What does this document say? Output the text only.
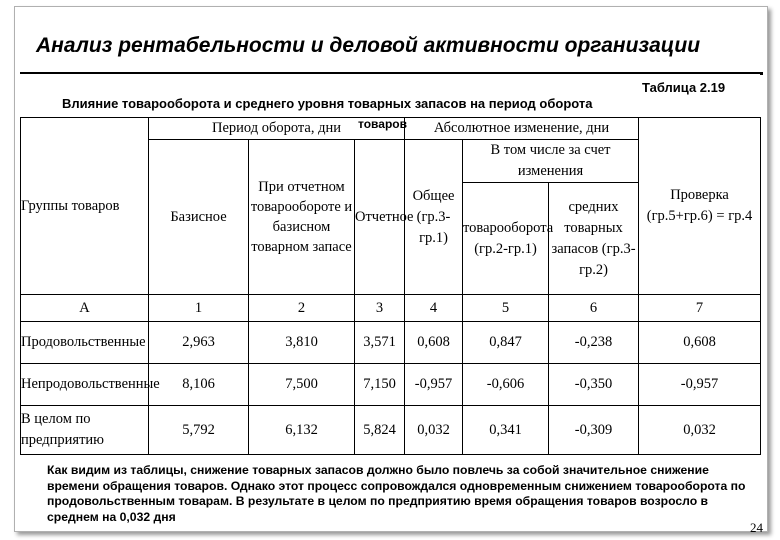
Анализ рентабельности и деловой активности организации
Таблица 2.19
Влияние товарооборота и среднего уровня товарных запасов на период оборота
Группы товаров	Период оборота, дни			Абсолютное изменение, дни			Проверка (гр.5+гр.6) = гр.4
	Базисное	При отчетном товарообороте и базисном товарном запасе	Отчетное	Общее (гр.3-гр.1)	В том числе за счет изменения		
					товарооборота (гр.2-гр.1)	средних товарных запасов (гр.3-гр.2)	
А	1	2	3	4	5	6	7
Продовольственные	2,963	3,810	3,571	0,608	0,847	-0,238	0,608
Непродовольственные	8,106	7,500	7,150	-0,957	-0,606	-0,350	-0,957
В целом по предприятию	5,792	6,132	5,824	0,032	0,341	-0,309	0,032
товаров
Как видим из таблицы, снижение товарных запасов должно было повлечь за собой значительное снижение времени обращения товаров. Однако этот процесс сопровождался одновременным снижением товарооборота по продовольственным товарам. В результате в целом по предприятию время обращения товаров возросло в среднем на 0,032 дня
24
